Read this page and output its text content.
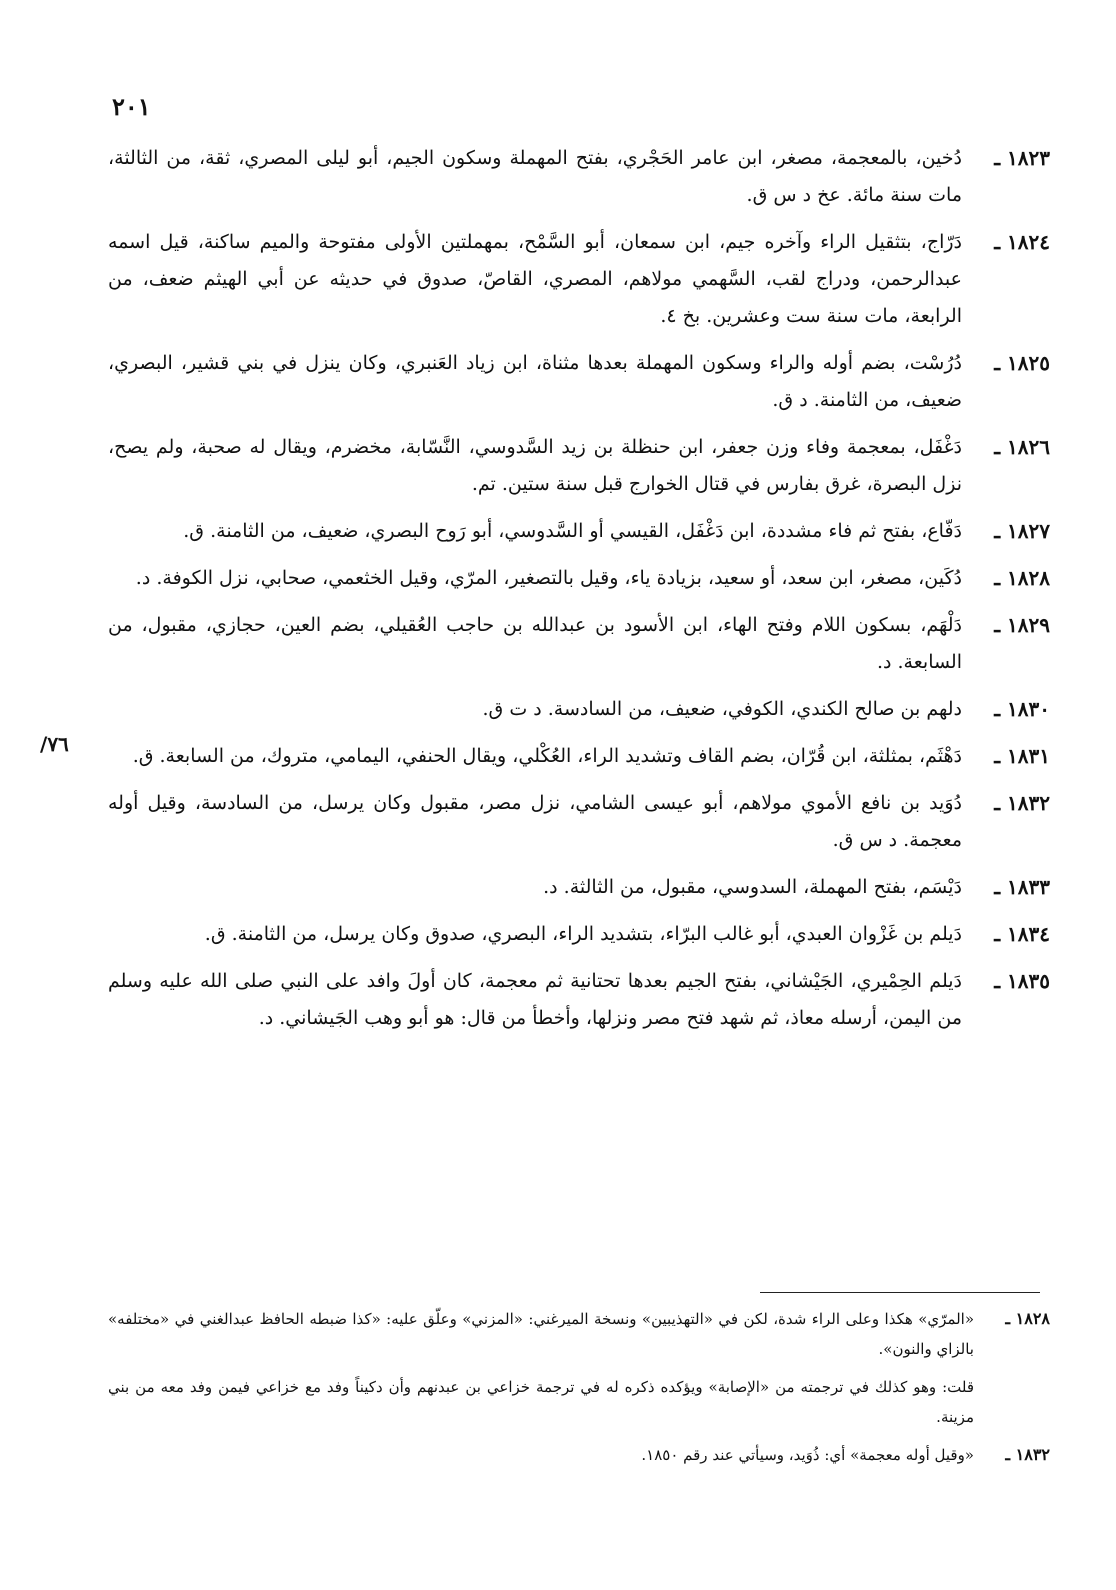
٢٠١
٧٦/
١٨٢٣ ـ
دُخين، بالمعجمة، مصغر، ابن عامر الحَجْري، بفتح المهملة وسكون الجيم، أبو ليلى المصري، ثقة، من الثالثة، مات سنة مائة. عخ د س ق.
١٨٢٤ ـ
دَرّاج، بتثقيل الراء وآخره جيم، ابن سمعان، أبو السَّمْح، بمهملتين الأولى مفتوحة والميم ساكنة، قيل اسمه عبدالرحمن، ودراج لقب، السَّهمي مولاهم، المصري، القاصّ، صدوق في حديثه عن أبي الهيثم ضعف، من الرابعة، مات سنة ست وعشرين. بخ ٤.
١٨٢٥ ـ
دُرُسْت، بضم أوله والراء وسكون المهملة بعدها مثناة، ابن زياد العَنبري، وكان ينزل في بني قشير، البصري، ضعيف، من الثامنة. د ق.
١٨٢٦ ـ
دَغْفَل، بمعجمة وفاء وزن جعفر، ابن حنظلة بن زيد السَّدوسي، النَّسّابة، مخضرم، ويقال له صحبة، ولم يصح، نزل البصرة، غرق بفارس في قتال الخوارج قبل سنة ستين. تم.
١٨٢٧ ـ
دَفّاع، بفتح ثم فاء مشددة، ابن دَغْفَل، القيسي أو السَّدوسي، أبو رَوح البصري، ضعيف، من الثامنة. ق.
١٨٢٨ ـ
دُكَين، مصغر، ابن سعد، أو سعيد، بزيادة ياء، وقيل بالتصغير، المرّي، وقيل الخثعمي، صحابي، نزل الكوفة. د.
١٨٢٩ ـ
دَلْهَم، بسكون اللام وفتح الهاء، ابن الأسود بن عبدالله بن حاجب العُقيلي، بضم العين، حجازي، مقبول، من السابعة. د.
١٨٣٠ ـ
دلهم بن صالح الكندي، الكوفي، ضعيف، من السادسة. د ت ق.
١٨٣١ ـ
دَهْثَم، بمثلثة، ابن قُرّان، بضم القاف وتشديد الراء، العُكْلي، ويقال الحنفي، اليمامي، متروك، من السابعة. ق.
١٨٣٢ ـ
دُوَيد بن نافع الأموي مولاهم، أبو عيسى الشامي، نزل مصر، مقبول وكان يرسل، من السادسة، وقيل أوله معجمة. د س ق.
١٨٣٣ ـ
دَيْسَم، بفتح المهملة، السدوسي، مقبول، من الثالثة. د.
١٨٣٤ ـ
دَيلم بن غَزْوان العبدي، أبو غالب البرّاء، بتشديد الراء، البصري، صدوق وكان يرسل، من الثامنة. ق.
١٨٣٥ ـ
دَيلم الحِمْيري، الجَيْشاني، بفتح الجيم بعدها تحتانية ثم معجمة، كان أولَ وافد على النبي صلى الله عليه وسلم من اليمن، أرسله معاذ، ثم شهد فتح مصر ونزلها، وأخطأ من قال: هو أبو وهب الجَيشاني. د.
١٨٢٨ ـ
«المرّي» هكذا وعلى الراء شدة، لكن في «التهذيبين» ونسخة الميرغني: «المزني» وعلّق عليه: «كذا ضبطه الحافظ عبدالغني في «مختلفه» بالزاي والنون».
قلت: وهو كذلك في ترجمته من «الإصابة» ويؤكده ذكره له في ترجمة خزاعي بن عبدنهم وأن دكيناً وفد مع خزاعي فيمن وفد معه من بني مزينة.
١٨٣٢ ـ
«وقيل أوله معجمة» أي: ذُوَيد، وسيأتي عند رقم ١٨٥٠.
